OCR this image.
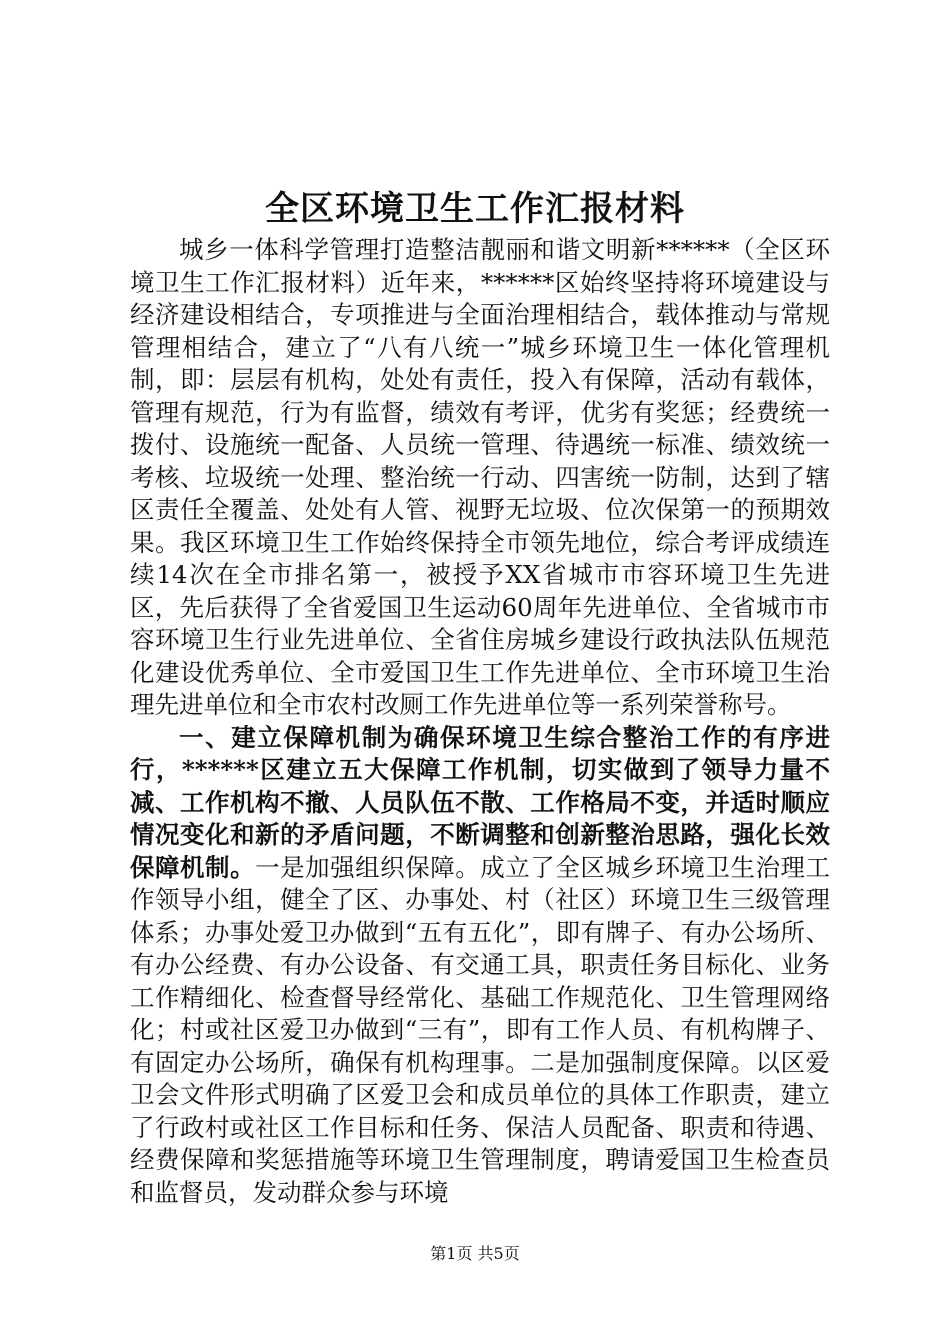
全区环境卫生工作汇报材料

城乡一体科学管理打造整洁靓丽和谐文明新******（全区环境卫生工作汇报材料）近年来，******区始终坚持将环境建设与经济建设相结合，专项推进与全面治理相结合，载体推动与常规管理相结合，建立了“八有八统一”城乡环境卫生一体化管理机制，即：层层有机构，处处有责任，投入有保障，活动有载体，管理有规范，行为有监督，绩效有考评，优劣有奖惩；经费统一拨付、设施统一配备、人员统一管理、待遇统一标准、绩效统一考核、垃圾统一处理、整治统一行动、四害统一防制，达到了辖区责任全覆盖、处处有人管、视野无垃圾、位次保第一的预期效果。我区环境卫生工作始终保持全市领先地位，综合考评成绩连续14次在全市排名第一，被授予XX省城市市容环境卫生先进区，先后获得了全省爱国卫生运动60周年先进单位、全省城市市容环境卫生行业先进单位、全省住房城乡建设行政执法队伍规范化建设优秀单位、全市爱国卫生工作先进单位、全市环境卫生治理先进单位和全市农村改厕工作先进单位等一系列荣誉称号。

一、建立保障机制为确保环境卫生综合整治工作的有序进行，******区建立五大保障工作机制，切实做到了领导力量不减、工作机构不撤、人员队伍不散、工作格局不变，并适时顺应情况变化和新的矛盾问题，不断调整和创新整治思路，强化长效保障机制。一是加强组织保障。成立了全区城乡环境卫生治理工作领导小组，健全了区、办事处、村（社区）环境卫生三级管理体系；办事处爱卫办做到“五有五化”，即有牌子、有办公场所、有办公经费、有办公设备、有交通工具，职责任务目标化、业务工作精细化、检查督导经常化、基础工作规范化、卫生管理网络化；村或社区爱卫办做到“三有”，即有工作人员、有机构牌子、有固定办公场所，确保有机构理事。二是加强制度保障。以区爱卫会文件形式明确了区爱卫会和成员单位的具体工作职责，建立了行政村或社区工作目标和任务、保洁人员配备、职责和待遇、经费保障和奖惩措施等环境卫生管理制度，聘请爱国卫生检查员和监督员，发动群众参与环境

第1页 共5页
